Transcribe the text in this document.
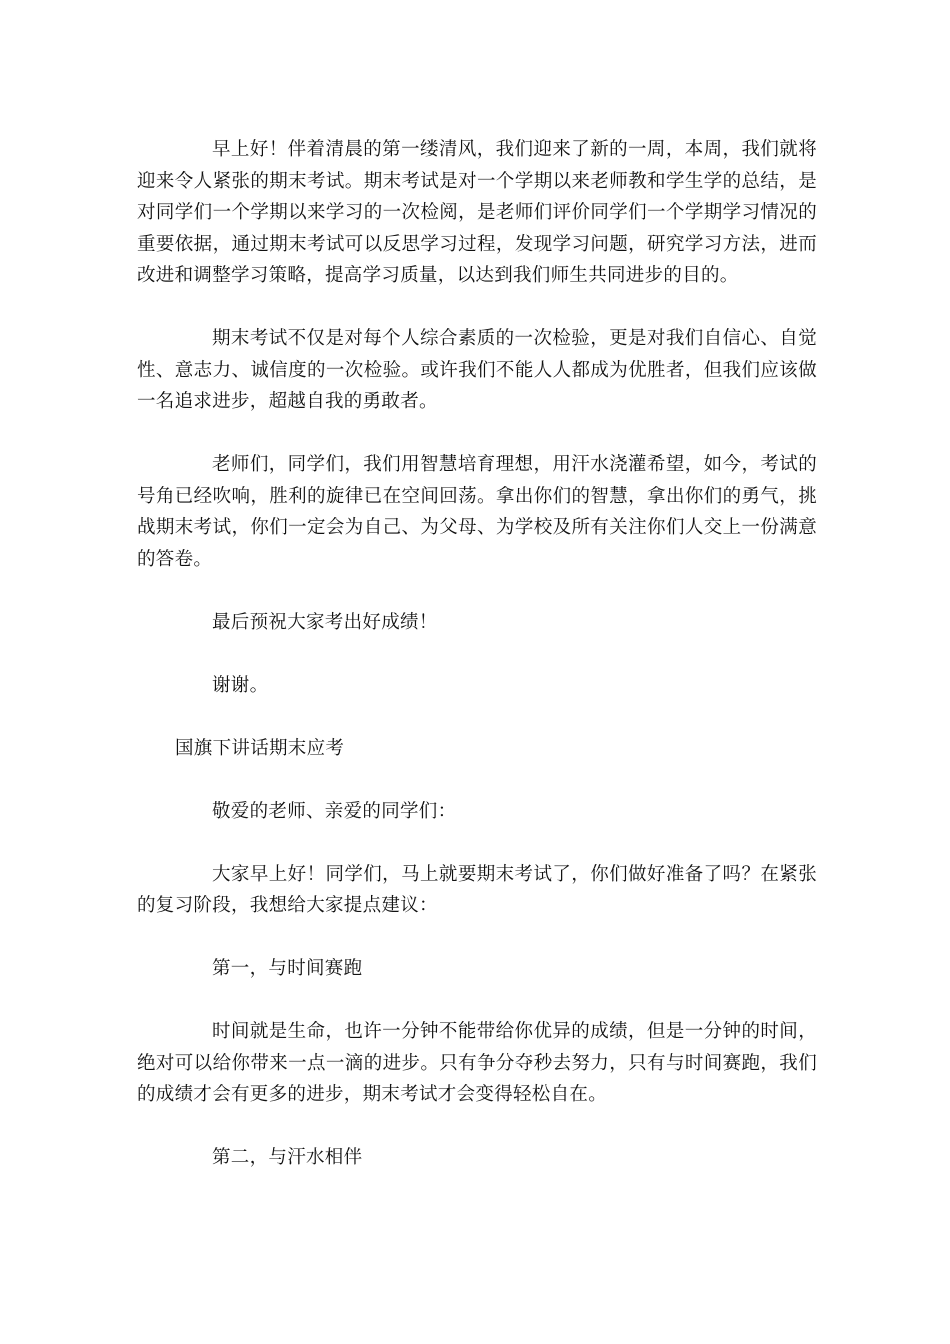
早上好！伴着清晨的第一缕清风，我们迎来了新的一周，本周，我们就将迎来令人紧张的期末考试。期末考试是对一个学期以来老师教和学生学的总结，是对同学们一个学期以来学习的一次检阅，是老师们评价同学们一个学期学习情况的重要依据，通过期末考试可以反思学习过程，发现学习问题，研究学习方法，进而改进和调整学习策略，提高学习质量，以达到我们师生共同进步的目的。

期末考试不仅是对每个人综合素质的一次检验，更是对我们自信心、自觉性、意志力、诚信度的一次检验。或许我们不能人人都成为优胜者，但我们应该做一名追求进步，超越自我的勇敢者。

老师们，同学们，我们用智慧培育理想，用汗水浇灌希望，如今，考试的号角已经吹响，胜利的旋律已在空间回荡。拿出你们的智慧，拿出你们的勇气，挑战期末考试，你们一定会为自己、为父母、为学校及所有关注你们人交上一份满意的答卷。

最后预祝大家考出好成绩！

谢谢。

国旗下讲话期末应考

敬爱的老师、亲爱的同学们：

大家早上好！同学们，马上就要期末考试了，你们做好准备了吗？在紧张的复习阶段，我想给大家提点建议：

第一，与时间赛跑

时间就是生命，也许一分钟不能带给你优异的成绩，但是一分钟的时间，绝对可以给你带来一点一滴的进步。只有争分夺秒去努力，只有与时间赛跑，我们的成绩才会有更多的进步，期末考试才会变得轻松自在。

第二，与汗水相伴
